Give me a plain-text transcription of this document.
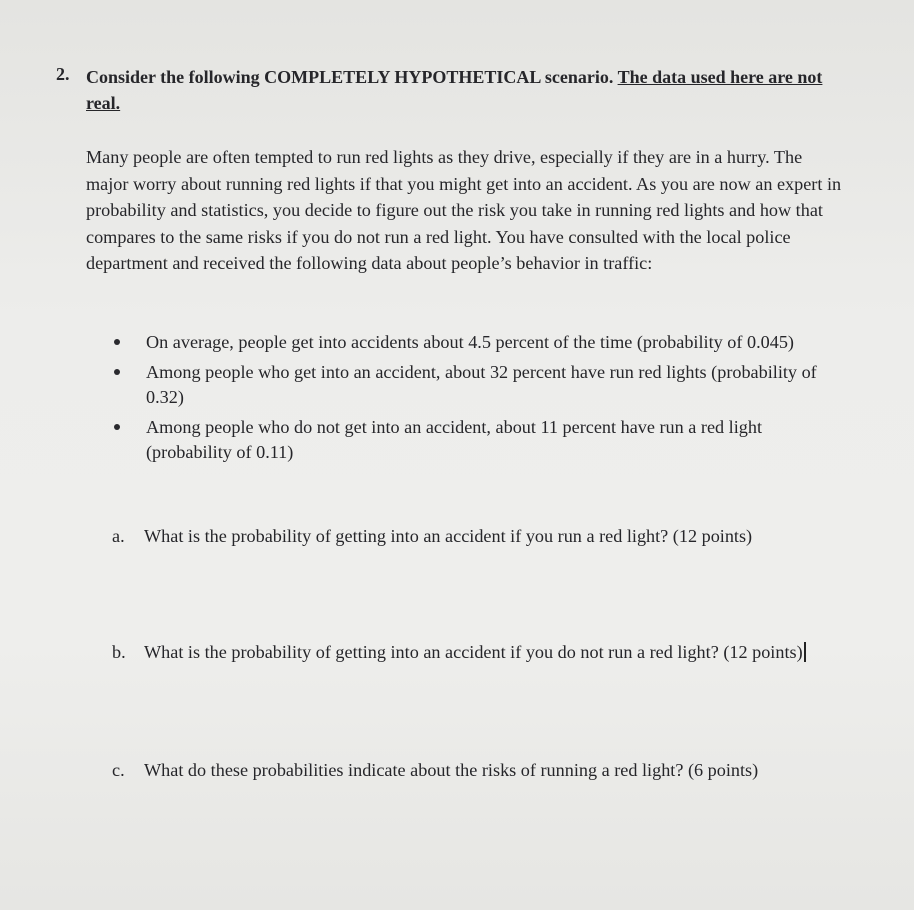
2. Consider the following COMPLETELY HYPOTHETICAL scenario. The data used here are not real.
Many people are often tempted to run red lights as they drive, especially if they are in a hurry. The major worry about running red lights if that you might get into an accident. As you are now an expert in probability and statistics, you decide to figure out the risk you take in running red lights and how that compares to the same risks if you do not run a red light. You have consulted with the local police department and received the following data about people’s behavior in traffic:
On average, people get into accidents about 4.5 percent of the time (probability of 0.045)
Among people who get into an accident, about 32 percent have run red lights (probability of 0.32)
Among people who do not get into an accident, about 11 percent have run a red light (probability of 0.11)
a. What is the probability of getting into an accident if you run a red light? (12 points)
b. What is the probability of getting into an accident if you do not run a red light? (12 points)
c. What do these probabilities indicate about the risks of running a red light? (6 points)
